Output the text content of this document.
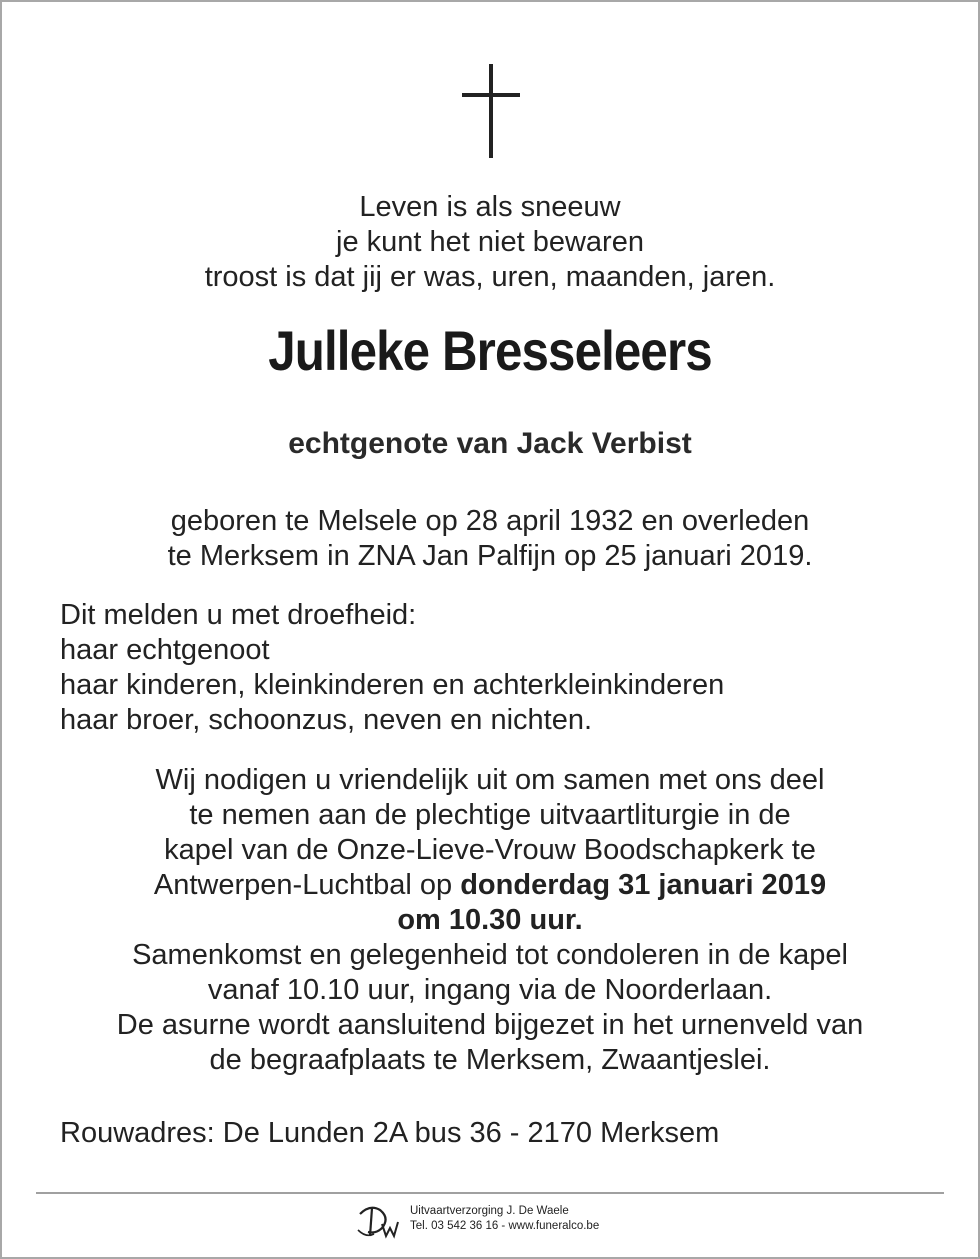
Leven is als sneeuw
je kunt het niet bewaren
troost is dat jij er was, uren, maanden, jaren.
Julleke Bresseleers
echtgenote van Jack Verbist
geboren te Melsele op 28 april 1932 en overleden
te Merksem in ZNA Jan Palfijn op 25 januari 2019.
Dit melden u met droefheid:
haar echtgenoot
haar kinderen, kleinkinderen en achterkleinkinderen
haar broer, schoonzus, neven en nichten.
Wij nodigen u vriendelijk uit om samen met ons deel
te nemen aan de plechtige uitvaartliturgie in de
kapel van de Onze-Lieve-Vrouw Boodschapkerk te
Antwerpen-Luchtbal op donderdag 31 januari 2019
om 10.30 uur.
Samenkomst en gelegenheid tot condoleren in de kapel
vanaf 10.10 uur, ingang via de Noorderlaan.
De asurne wordt aansluitend bijgezet in het urnenveld van
de begraafplaats te Merksem, Zwaantjeslei.
Rouwadres: De Lunden 2A bus 36 - 2170 Merksem
Uitvaartverzorging J. De Waele
Tel. 03 542 36 16 - www.funeralco.be
